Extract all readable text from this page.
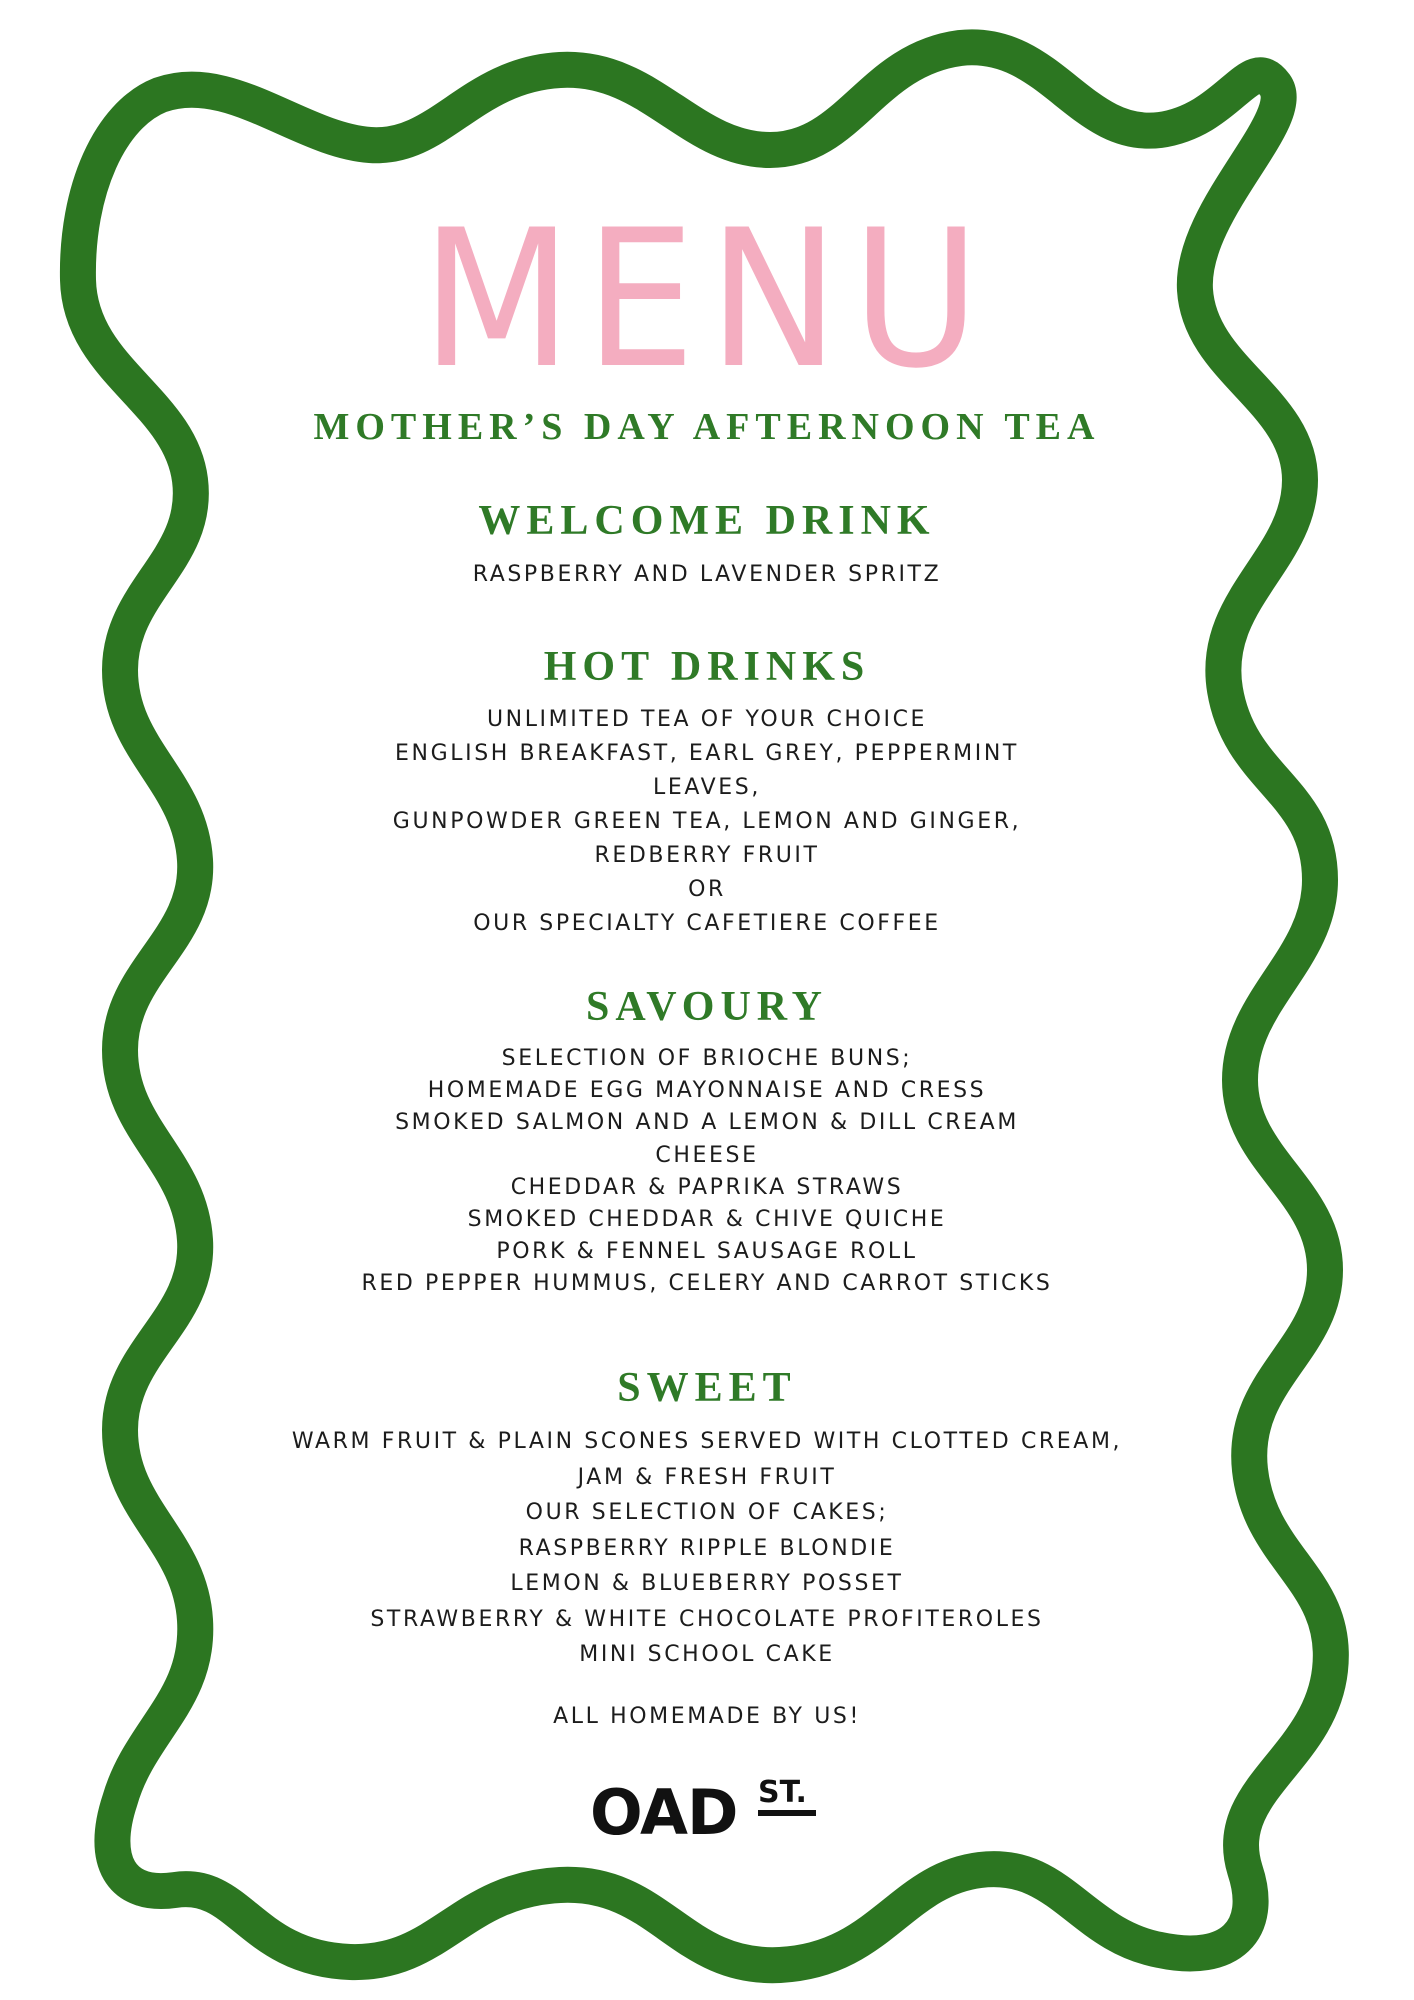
MENU
MOTHER’S DAY AFTERNOON TEA
WELCOME DRINK
RASPBERRY AND LAVENDER SPRITZ
HOT DRINKS
UNLIMITED TEA OF YOUR CHOICE
ENGLISH BREAKFAST, EARL GREY, PEPPERMINT
LEAVES,
GUNPOWDER GREEN TEA, LEMON AND GINGER,
REDBERRY FRUIT
OR
OUR SPECIALTY CAFETIERE COFFEE
SAVOURY
SELECTION OF BRIOCHE BUNS;
HOMEMADE EGG MAYONNAISE AND CRESS
SMOKED SALMON AND A LEMON & DILL CREAM
CHEESE
CHEDDAR & PAPRIKA STRAWS
SMOKED CHEDDAR & CHIVE QUICHE
PORK & FENNEL SAUSAGE ROLL
RED PEPPER HUMMUS, CELERY AND CARROT STICKS
SWEET
WARM FRUIT & PLAIN SCONES SERVED WITH CLOTTED CREAM,
JAM & FRESH FRUIT
OUR SELECTION OF CAKES;
RASPBERRY RIPPLE BLONDIE
LEMON & BLUEBERRY POSSET
STRAWBERRY & WHITE CHOCOLATE PROFITEROLES
MINI SCHOOL CAKE
ALL HOMEMADE BY US!
OAD ST.
